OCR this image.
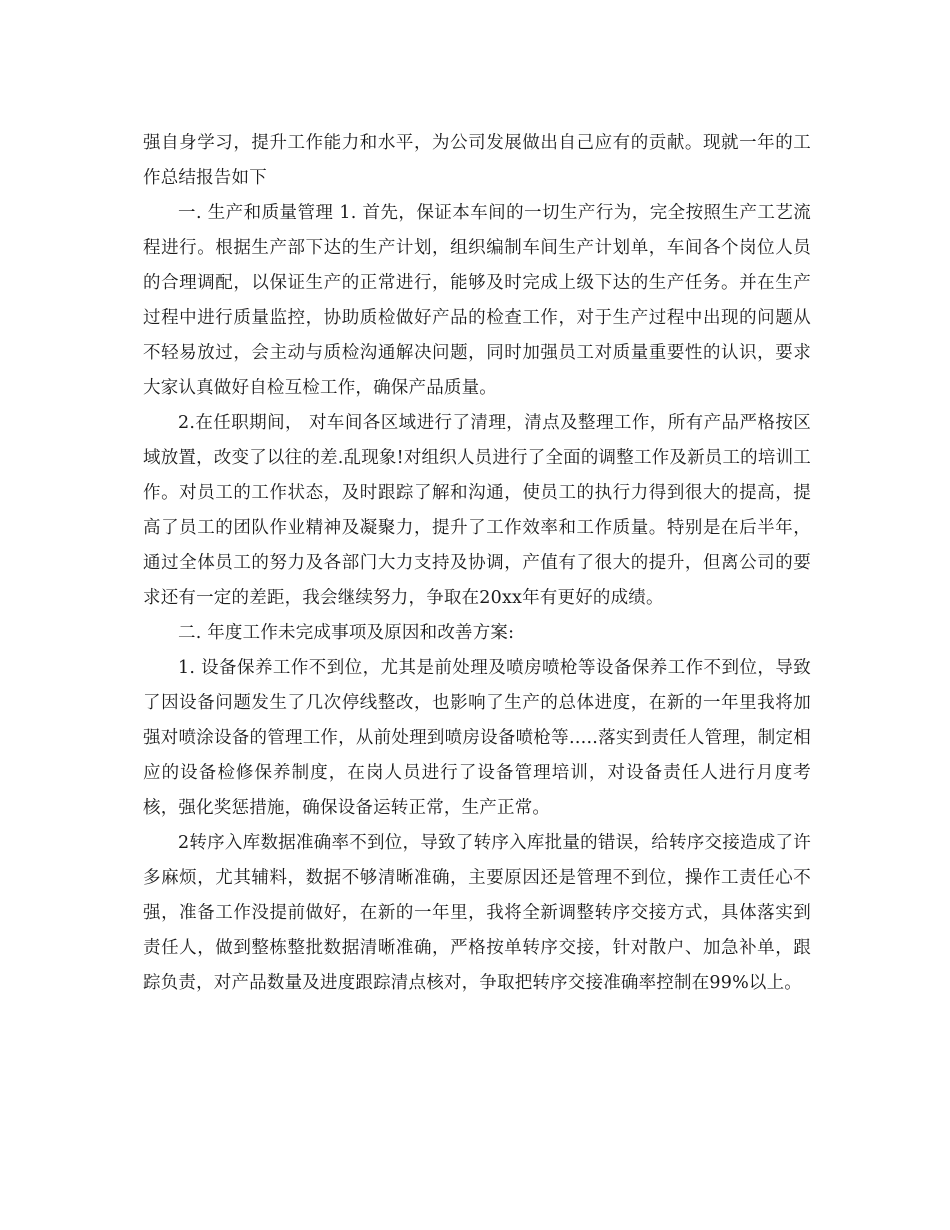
强自身学习，提升工作能力和水平，为公司发展做出自己应有的贡献。现就一年的工作总结报告如下

一. 生产和质量管理 1. 首先，保证本车间的一切生产行为，完全按照生产工艺流程进行。根据生产部下达的生产计划，组织编制车间生产计划单，车间各个岗位人员的合理调配，以保证生产的正常进行，能够及时完成上级下达的生产任务。并在生产过程中进行质量监控，协助质检做好产品的检查工作，对于生产过程中出现的问题从不轻易放过，会主动与质检沟通解决问题，同时加强员工对质量重要性的认识，要求大家认真做好自检互检工作，确保产品质量。

2.在任职期间， 对车间各区域进行了清理，清点及整理工作，所有产品严格按区域放置，改变了以往的差.乱现象!对组织人员进行了全面的调整工作及新员工的培训工作。对员工的工作状态，及时跟踪了解和沟通，使员工的执行力得到很大的提高，提高了员工的团队作业精神及凝聚力，提升了工作效率和工作质量。特别是在后半年，通过全体员工的努力及各部门大力支持及协调，产值有了很大的提升，但离公司的要求还有一定的差距，我会继续努力，争取在20xx年有更好的成绩。

二. 年度工作未完成事项及原因和改善方案:

1. 设备保养工作不到位，尤其是前处理及喷房喷枪等设备保养工作不到位，导致了因设备问题发生了几次停线整改，也影响了生产的总体进度，在新的一年里我将加强对喷涂设备的管理工作，从前处理到喷房设备喷枪等…..落实到责任人管理，制定相应的设备检修保养制度，在岗人员进行了设备管理培训，对设备责任人进行月度考核，强化奖惩措施，确保设备运转正常，生产正常。

2转序入库数据准确率不到位，导致了转序入库批量的错误，给转序交接造成了许多麻烦，尤其辅料，数据不够清晰准确，主要原因还是管理不到位，操作工责任心不强，准备工作没提前做好，在新的一年里，我将全新调整转序交接方式，具体落实到责任人，做到整栋整批数据清晰准确，严格按单转序交接，针对散户、加急补单，跟踪负责，对产品数量及进度跟踪清点核对，争取把转序交接准确率控制在99%以上。
